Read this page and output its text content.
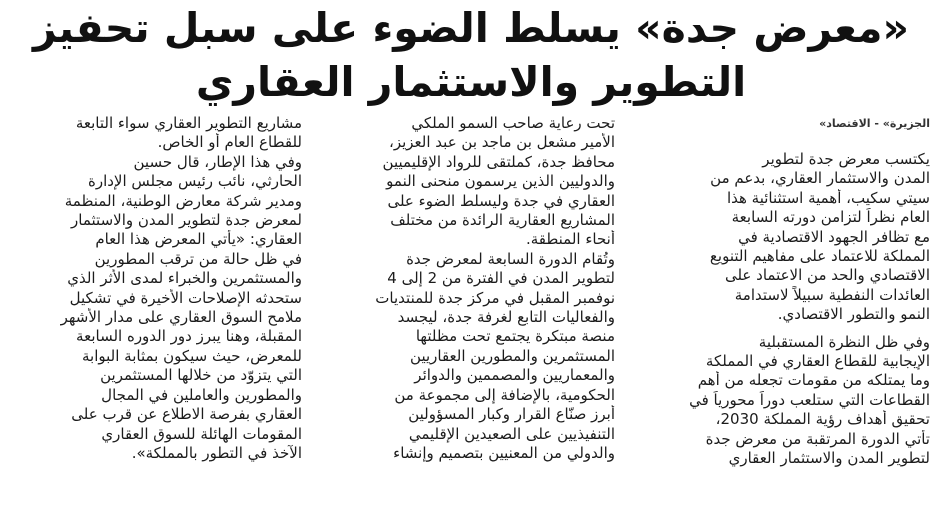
«معرض جدة» يسلط الضوء على سبل تحفيز
التطوير والاستثمار العقاري
الجزيرة» - الاقتصاد»
يكتسب معرض جدة لتطوير
المدن والاستثمار العقاري، بدعم من
سيتي سكيب، أهمية استثنائية هذا
العام نظراً لتزامن دورته السابعة
مع تظافر الجهود الاقتصادية في
المملكة للاعتماد على مفاهيم التنويع
الاقتصادي والحد من الاعتماد على
العائدات النفطية سبيلاً لاستدامة
النمو والتطور الاقتصادي.
وفي ظل النظرة المستقبلية
الإيجابية للقطاع العقاري في المملكة
وما يمتلكه من مقومات تجعله من أهم
القطاعات التي ستلعب دوراً محورياً في
تحقيق أهداف رؤية المملكة 2030،
تأتي الدورة المرتقبة من معرض جدة
لتطوير المدن والاستثمار العقاري
تحت رعاية صاحب السمو الملكي
الأمير مشعل بن ماجد بن عبد العزيز،
محافظ جدة، كملتقى للرواد الإقليميين
والدوليين الذين يرسمون منحنى النمو
العقاري في جدة وليسلط الضوء على
المشاريع العقارية الرائدة من مختلف
أنحاء المنطقة.
وتُقام الدورة السابعة لمعرض جدة
لتطوير المدن في الفترة من 2 إلى 4
نوفمبر المقبل في مركز جدة للمنتديات
والفعاليات التابع لغرفة جدة، ليجسد
منصة مبتكرة يجتمع تحت مظلتها
المستثمرين والمطورين العقاريين
والمعماريين والمصممين والدوائر
الحكومية، بالإضافة إلى مجموعة من
أبرز صنّاع القرار وكبار المسؤولين
التنفيذيين على الصعيدين الإقليمي
والدولي من المعنيين بتصميم وإنشاء
مشاريع التطوير العقاري سواء التابعة
للقطاع العام أو الخاص.
وفي هذا الإطار، قال حسين
الحارثي، نائب رئيس مجلس الإدارة
ومدير شركة معارض الوطنية، المنظمة
لمعرض جدة لتطوير المدن والاستثمار
العقاري: «يأتي المعرض هذا العام
في ظل حالة من ترقب المطورين
والمستثمرين والخبراء لمدى الأثر الذي
ستحدثه الإصلاحات الأخيرة في تشكيل
ملامح السوق العقاري على مدار الأشهر
المقبلة، وهنا يبرز دور الدوره السابعة
للمعرض، حيث سيكون بمثابة البوابة
التي يتزوّد من خلالها المستثمرين
والمطورين والعاملين في المجال
العقاري بفرصة الاطلاع عن قرب على
المقومات الهائلة للسوق العقاري
الآخذ في التطور بالمملكة».
